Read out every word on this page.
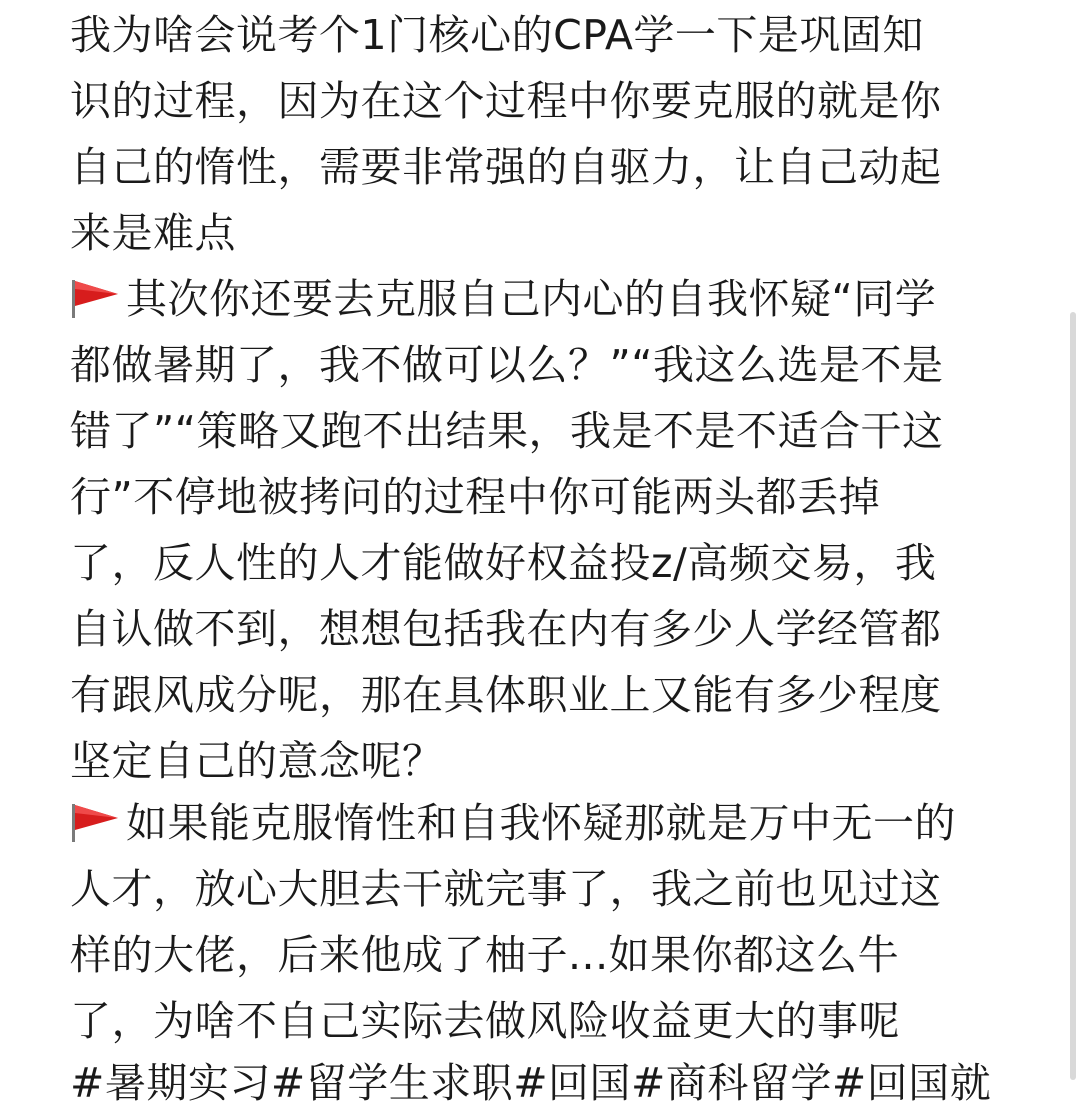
我为啥会说考个1门核心的CPA学一下是巩固知
识的过程，因为在这个过程中你要克服的就是你
自己的惰性，需要非常强的自驱力，让自己动起
来是难点
其次你还要去克服自己内心的自我怀疑“同学
都做暑期了，我不做可以么？”“我这么选是不是
错了”“策略又跑不出结果，我是不是不适合干这
行”不停地被拷问的过程中你可能两头都丢掉
了，反人性的人才能做好权益投z/高频交易，我
自认做不到，想想包括我在内有多少人学经管都
有跟风成分呢，那在具体职业上又能有多少程度
坚定自己的意念呢？
如果能克服惰性和自我怀疑那就是万中无一的
人才，放心大胆去干就完事了，我之前也见过这
样的大佬，后来他成了柚子...如果你都这么牛
了，为啥不自己实际去做风险收益更大的事呢
#暑期实习#留学生求职#回国#商科留学#回国就
